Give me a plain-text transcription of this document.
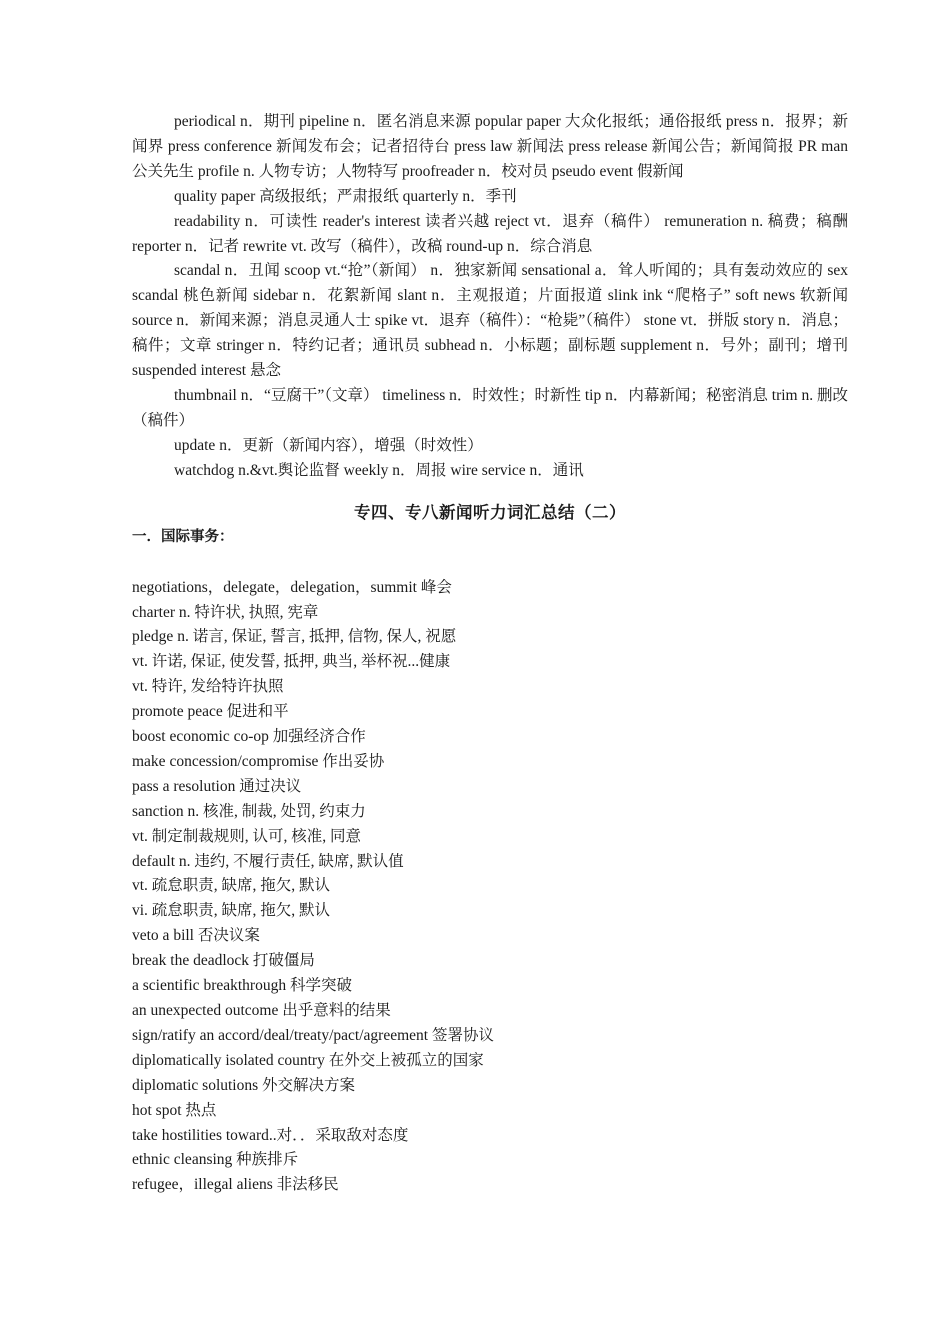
periodical n．期刊 pipeline n．匿名消息来源 popular paper 大众化报纸；通俗报纸 press n．报界；新闻界 press conference 新闻发布会；记者招待台 press law 新闻法 press release 新闻公告；新闻简报 PR man 公关先生 profile n. 人物专访；人物特写 proofreader n．校对员 pseudo event 假新闻

quality paper 高级报纸；严肃报纸 quarterly n．季刊

readability n．可读性 reader's interest 读者兴越 reject vt．退弃（稿件） remuneration n. 稿费；稿酬 reporter n．记者 rewrite vt. 改写（稿件），改稿 round-up n．综合消息

scandal n．丑闻 scoop vt.“抢”（新闻） n．独家新闻 sensational a．耸人听闻的；具有轰动效应的 sex scandal 桃色新闻 sidebar n．花絮新闻 slant n．主观报道；片面报道 slink ink “爬格子” soft news 软新闻 source n．新闻来源；消息灵通人士 spike vt．退弃（稿件）：“枪毙”（稿件） stone vt．拼版 story n．消息；稿件；文章 stringer n．特约记者；通讯员 subhead n．小标题；副标题 supplement n．号外；副刊；增刊 suspended interest 悬念

thumbnail n．“豆腐干”（文章） timeliness n．时效性；时新性 tip n．内幕新闻；秘密消息 trim n. 删改（稿件）

update n．更新（新闻内容），增强（时效性）

watchdog n.&vt.舆论监督 weekly n．周报 wire service n．通讯

专四、专八新闻听力词汇总结（二）
一．国际事务：
negotiations，delegate，delegation，summit 峰会
charter n. 特许状, 执照, 宪章
pledge n. 诺言, 保证, 誓言, 抵押, 信物, 保人, 祝愿
vt. 许诺, 保证, 使发誓, 抵押, 典当, 举杯祝...健康
vt. 特许, 发给特许执照
promote peace 促进和平
boost economic co-op 加强经济合作
make concession/compromise 作出妥协
pass a resolution 通过决议
sanction n. 核准, 制裁, 处罚, 约束力
vt. 制定制裁规则, 认可, 核准, 同意
default n. 违约, 不履行责任, 缺席, 默认值
vt. 疏怠职责, 缺席, 拖欠, 默认
vi. 疏怠职责, 缺席, 拖欠, 默认
veto a bill 否决议案
break the deadlock 打破僵局
a scientific breakthrough 科学突破
an unexpected outcome 出乎意料的结果
sign/ratify an accord/deal/treaty/pact/agreement 签署协议
diplomatically isolated country 在外交上被孤立的国家
diplomatic solutions 外交解决方案
hot spot 热点
take hostilities toward..对．．采取敌对态度
ethnic cleansing 种族排斥
refugee，illegal aliens 非法移民
